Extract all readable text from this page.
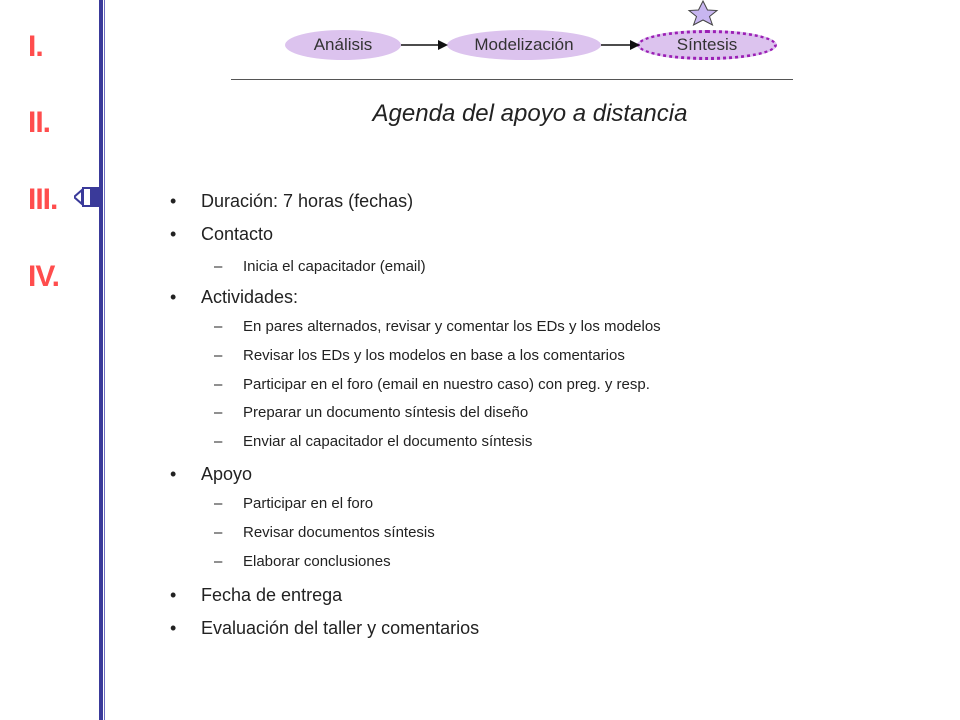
I.
II.
III.
IV.
Análisis	Modelización	Síntesis
Agenda del apoyo a distancia
• Duración: 7 horas (fechas)
• Contacto
– Inicia el capacitador (email)
• Actividades:
– En pares alternados, revisar y comentar los EDs y los modelos
– Revisar los EDs y los modelos en base a los comentarios
– Participar en el foro (email en nuestro caso) con preg. y resp.
– Preparar un documento síntesis del diseño
– Enviar al capacitador el documento síntesis
• Apoyo
– Participar en el foro
– Revisar documentos síntesis
– Elaborar conclusiones
• Fecha de entrega
• Evaluación del taller y comentarios
